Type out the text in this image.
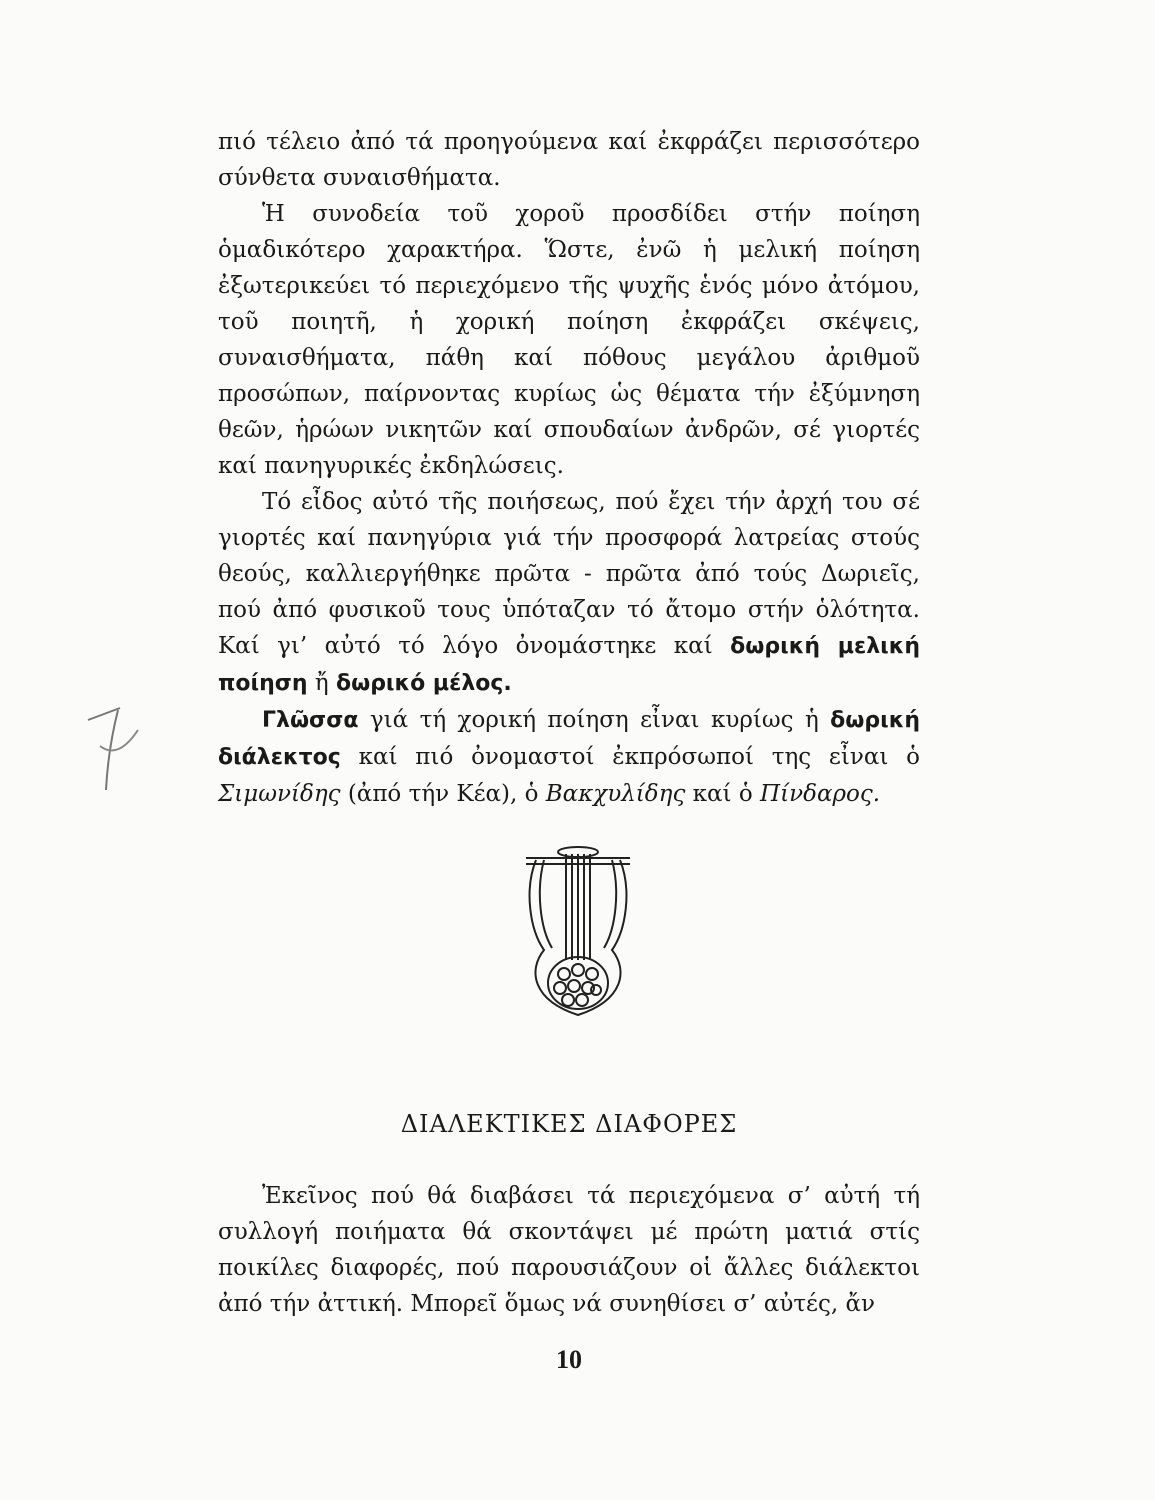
πιό τέλειο ἀπό τά προηγούμενα καί ἐκφράζει περισσότερο σύνθετα συναισθήματα.

Ἡ συνοδεία τοῦ χοροῦ προσδίδει στήν ποίηση ὁμαδικότερο χαρακτήρα. Ὥστε, ἐνῶ ἡ μελική ποίηση ἐξωτερικεύει τό περιεχόμενο τῆς ψυχῆς ἑνός μόνο ἀτόμου, τοῦ ποιητῆ, ἡ χορική ποίηση ἐκφράζει σκέψεις, συναισθήματα, πάθη καί πόθους μεγάλου ἀριθμοῦ προσώπων, παίρνοντας κυρίως ὡς θέματα τήν ἐξύμνηση θεῶν, ἡρώων νικητῶν καί σπουδαίων ἀνδρῶν, σέ γιορτές καί πανηγυρικές ἐκδηλώσεις.

Τό εἶδος αὐτό τῆς ποιήσεως, πού ἔχει τήν ἀρχή του σέ γιορτές καί πανηγύρια γιά τήν προσφορά λατρείας στούς θεούς, καλλιεργήθηκε πρῶτα - πρῶτα ἀπό τούς Δωριεῖς, πού ἀπό φυσικοῦ τους ὑπόταζαν τό ἄτομο στήν ὁλότητα. Καί γι’ αὐτό τό λόγο ὀνομάστηκε καί δωρική μελική ποίηση ἤ δωρικό μέλος.

Γλῶσσα γιά τή χορική ποίηση εἶναι κυρίως ἡ δωρική διάλεκτος καί πιό ὀνομαστοί ἐκπρόσωποί της εἶναι ὁ Σιμωνίδης (ἀπό τήν Κέα), ὁ Βακχυλίδης καί ὁ Πίνδαρος.

ΔΙΑΛΕΚΤΙΚΕΣ ΔΙΑΦΟΡΕΣ

Ἐκεῖνος πού θά διαβάσει τά περιεχόμενα σ’ αὐτή τή συλλογή ποιήματα θά σκοντάψει μέ πρώτη ματιά στίς ποικίλες διαφορές, πού παρουσιάζουν οἱ ἄλλες διάλεκτοι ἀπό τήν ἀττική. Μπορεῖ ὅμως νά συνηθίσει σ’ αὐτές, ἄν

10
